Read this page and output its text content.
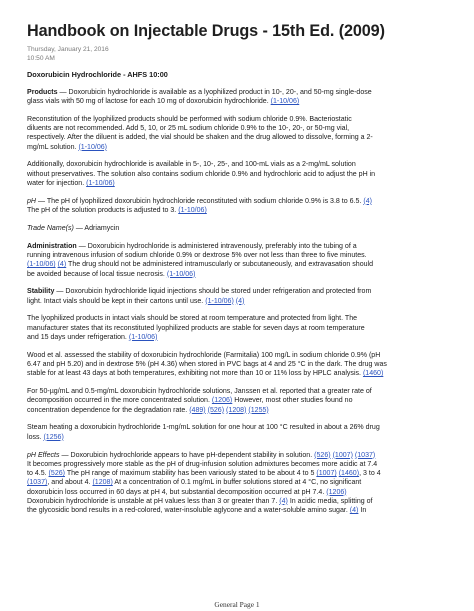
Handbook on Injectable Drugs - 15th Ed. (2009)
Thursday, January 21, 2016
10:50 AM
Doxorubicin Hydrochloride - AHFS 10:00

Products — Doxorubicin hydrochloride is available as a lyophilized product in 10-, 20-, and 50-mg single-dose
glass vials with 50 mg of lactose for each 10 mg of doxorubicin hydrochloride. (1-10/06)

Reconstitution of the lyophilized products should be performed with sodium chloride 0.9%. Bacteriostatic
diluents are not recommended. Add 5, 10, or 25 mL sodium chloride 0.9% to the 10-, 20-, or 50-mg vial,
respectively. After the diluent is added, the vial should be shaken and the drug allowed to dissolve, forming a 2-
mg/mL solution. (1-10/06)

Additionally, doxorubicin hydrochloride is available in 5-, 10-, 25-, and 100-mL vials as a 2-mg/mL solution
without preservatives. The solution also contains sodium chloride 0.9% and hydrochloric acid to adjust the pH in
water for injection. (1-10/06)

pH — The pH of lyophilized doxorubicin hydrochloride reconstituted with sodium chloride 0.9% is 3.8 to 6.5. (4)
The pH of the solution products is adjusted to 3. (1-10/06)

Trade Name(s) — Adriamycin

Administration — Doxorubicin hydrochloride is administered intravenously, preferably into the tubing of a
running intravenous infusion of sodium chloride 0.9% or dextrose 5% over not less than three to five minutes.
(1-10/06) (4) The drug should not be administered intramuscularly or subcutaneously, and extravasation should
be avoided because of local tissue necrosis. (1-10/06)

Stability — Doxorubicin hydrochloride liquid injections should be stored under refrigeration and protected from
light. Intact vials should be kept in their cartons until use. (1-10/06) (4)

The lyophilized products in intact vials should be stored at room temperature and protected from light. The
manufacturer states that its reconstituted lyophilized products are stable for seven days at room temperature
and 15 days under refrigeration. (1-10/06)

Wood et al. assessed the stability of doxorubicin hydrochloride (Farmitalia) 100 mg/L in sodium chloride 0.9% (pH
6.47 and pH 5.20) and in dextrose 5% (pH 4.36) when stored in PVC bags at 4 and 25 °C in the dark. The drug was
stable for at least 43 days at both temperatures, exhibiting not more than 10 or 11% loss by HPLC analysis. (1460)

For 50-µg/mL and 0.5-mg/mL doxorubicin hydrochloride solutions, Janssen et al. reported that a greater rate of
decomposition occurred in the more concentrated solution. (1206) However, most other studies found no
concentration dependence for the degradation rate. (489) (526) (1208) (1255)

Steam heating a doxorubicin hydrochloride 1-mg/mL solution for one hour at 100 °C resulted in about a 26% drug
loss. (1256)

pH Effects — Doxorubicin hydrochloride appears to have pH-dependent stability in solution. (526) (1007) (1037)
It becomes progressively more stable as the pH of drug-infusion solution admixtures becomes more acidic at 7.4
to 4.5. (526) The pH range of maximum stability has been variously stated to be about 4 to 5 (1007) (1460), 3 to 4
(1037), and about 4. (1208) At a concentration of 0.1 mg/mL in buffer solutions stored at 4 °C, no significant
doxorubicin loss occurred in 60 days at pH 4, but substantial decomposition occurred at pH 7.4. (1206)
Doxorubicin hydrochloride is unstable at pH values less than 3 or greater than 7. (4) In acidic media, splitting of
the glycosidic bond results in a red-colored, water-insoluble aglycone and a water-soluble amino sugar. (4) In

General Page 1
